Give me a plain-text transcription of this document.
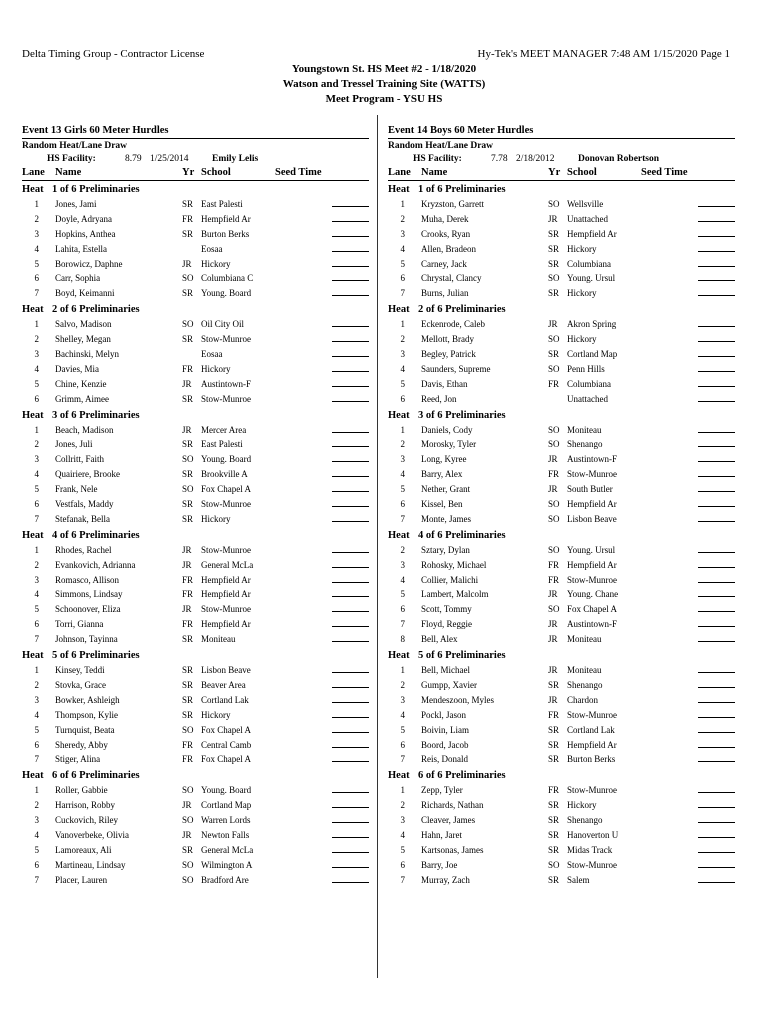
Delta Timing Group - Contractor License	Hy-Tek's MEET MANAGER 7:48 AM 1/15/2020 Page 1
Youngstown St. HS Meet #2 - 1/18/2020
Watson and Tressel Training Site (WATTS)
Meet Program - YSU HS
Event 13 Girls 60 Meter Hurdles
Random Heat/Lane Draw
HS Facility:	8.79 1/25/2014 Emily Lelis
Lane Name	Yr School	Seed Time
Heat 1 of 6 Preliminaries
1 Jones, Jami	SR East Palesti
2 Doyle, Adryana	FR Hempfield Ar
3 Hopkins, Anthea	SR Burton Berks
4 Lahita, Estella	Eosaa
5 Borowicz, Daphne	JR Hickory
6 Carr, Sophia	SO Columbiana C
7 Boyd, Keimanni	SR Young. Board
Heat 2 of 6 Preliminaries
1 Salvo, Madison	SO Oil City Oil
2 Shelley, Megan	SR Stow-Munroe
3 Bachinski, Melyn	Eosaa
4 Davies, Mia	FR Hickory
5 Chine, Kenzie	JR Austintown-F
6 Grimm, Aimee	SR Stow-Munroe
Heat 3 of 6 Preliminaries
1 Beach, Madison	JR Mercer Area
2 Jones, Juli	SR East Palesti
3 Collritt, Faith	SO Young. Board
4 Quairiere, Brooke	SR Brookville A
5 Frank, Nele	SO Fox Chapel A
6 Vestfals, Maddy	SR Stow-Munroe
7 Stefanak, Bella	SR Hickory
Heat 4 of 6 Preliminaries
1 Rhodes, Rachel	JR Stow-Munroe
2 Evankovich, Adrianna	JR General McLa
3 Romasco, Allison	FR Hempfield Ar
4 Simmons, Lindsay	FR Hempfield Ar
5 Schoonover, Eliza	JR Stow-Munroe
6 Torri, Gianna	FR Hempfield Ar
7 Johnson, Tayinna	SR Moniteau
Heat 5 of 6 Preliminaries
1 Kinsey, Teddi	SR Lisbon Beave
2 Stovka, Grace	SR Beaver Area
3 Bowker, Ashleigh	SR Cortland Lak
4 Thompson, Kylie	SR Hickory
5 Turnquist, Beata	SO Fox Chapel A
6 Sheredy, Abby	FR Central Camb
7 Stiger, Alina	FR Fox Chapel A
Heat 6 of 6 Preliminaries
1 Roller, Gabbie	SO Young. Board
2 Harrison, Robby	JR Cortland Map
3 Cuckovich, Riley	SO Warren Lords
4 Vanoverbeke, Olivia	JR Newton Falls
5 Lamoreaux, Ali	SR General McLa
6 Martineau, Lindsay	SO Wilmington A
7 Placer, Lauren	SO Bradford Are
Event 14 Boys 60 Meter Hurdles
Random Heat/Lane Draw
HS Facility:	7.78 2/18/2012 Donovan Robertson
Lane Name	Yr School	Seed Time
Heat 1 of 6 Preliminaries
1 Kryzston, Garrett	SO Wellsville
2 Muha, Derek	JR Unattached
3 Crooks, Ryan	SR Hempfield Ar
4 Allen, Bradeon	SR Hickory
5 Carney, Jack	SR Columbiana
6 Chrystal, Clancy	SO Young. Ursul
7 Burns, Julian	SR Hickory
Heat 2 of 6 Preliminaries
1 Eckenrode, Caleb	JR Akron Spring
2 Mellott, Brady	SO Hickory
3 Begley, Patrick	SR Cortland Map
4 Saunders, Supreme	SO Penn Hills
5 Davis, Ethan	FR Columbiana
6 Reed, Jon	Unattached
Heat 3 of 6 Preliminaries
1 Daniels, Cody	SO Moniteau
2 Morosky, Tyler	SO Shenango
3 Long, Kyree	JR Austintown-F
4 Barry, Alex	FR Stow-Munroe
5 Nether, Grant	JR South Butler
6 Kissel, Ben	SO Hempfield Ar
7 Monte, James	SO Lisbon Beave
Heat 4 of 6 Preliminaries
2 Sztary, Dylan	SO Young. Ursul
3 Rohosky, Michael	FR Hempfield Ar
4 Collier, Malichi	FR Stow-Munroe
5 Lambert, Malcolm	JR Young. Chane
6 Scott, Tommy	SO Fox Chapel A
7 Floyd, Reggie	JR Austintown-F
8 Bell, Alex	JR Moniteau
Heat 5 of 6 Preliminaries
1 Bell, Michael	JR Moniteau
2 Gumpp, Xavier	SR Shenango
3 Mendeszoon, Myles	JR Chardon
4 Pockl, Jason	FR Stow-Munroe
5 Boivin, Liam	SR Cortland Lak
6 Boord, Jacob	SR Hempfield Ar
7 Reis, Donald	SR Burton Berks
Heat 6 of 6 Preliminaries
1 Zepp, Tyler	FR Stow-Munroe
2 Richards, Nathan	SR Hickory
3 Cleaver, James	SR Shenango
4 Hahn, Jaret	SR Hanoverton U
5 Kartsonas, James	SR Midas Track
6 Barry, Joe	SO Stow-Munroe
7 Murray, Zach	SR Salem
